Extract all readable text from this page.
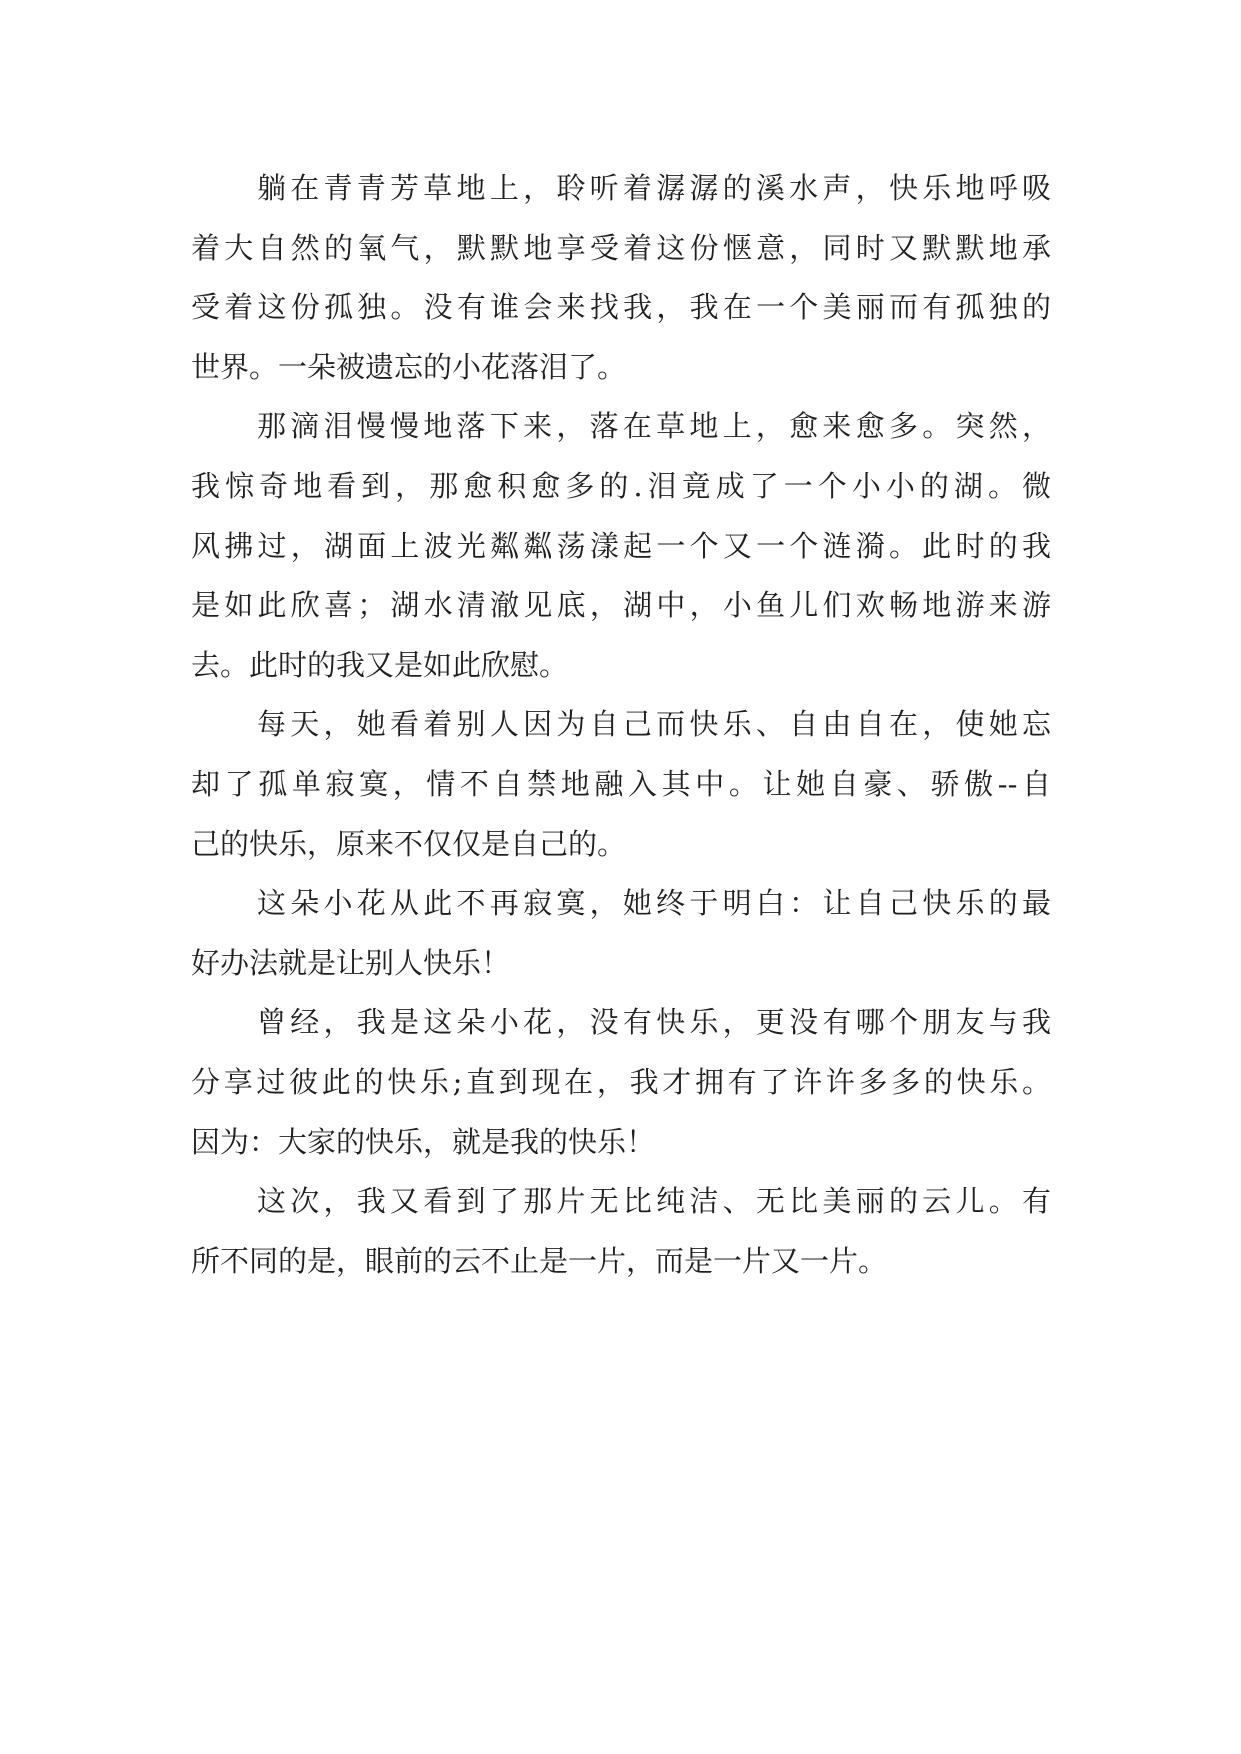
躺在青青芳草地上，聆听着潺潺的溪水声，快乐地呼吸
着大自然的氧气，默默地享受着这份惬意，同时又默默地承
受着这份孤独。没有谁会来找我，我在一个美丽而有孤独的
世界。一朵被遗忘的小花落泪了。
那滴泪慢慢地落下来，落在草地上，愈来愈多。突然，
我惊奇地看到，那愈积愈多的.泪竟成了一个小小的湖。微
风拂过，湖面上波光粼粼荡漾起一个又一个涟漪。此时的我
是如此欣喜；湖水清澈见底，湖中，小鱼儿们欢畅地游来游
去。此时的我又是如此欣慰。
每天，她看着别人因为自己而快乐、自由自在，使她忘
却了孤单寂寞，情不自禁地融入其中。让她自豪、骄傲--自
己的快乐，原来不仅仅是自己的。
这朵小花从此不再寂寞，她终于明白：让自己快乐的最
好办法就是让别人快乐！
曾经，我是这朵小花，没有快乐，更没有哪个朋友与我
分享过彼此的快乐;直到现在，我才拥有了许许多多的快乐。
因为：大家的快乐，就是我的快乐！
这次，我又看到了那片无比纯洁、无比美丽的云儿。有
所不同的是，眼前的云不止是一片，而是一片又一片。
